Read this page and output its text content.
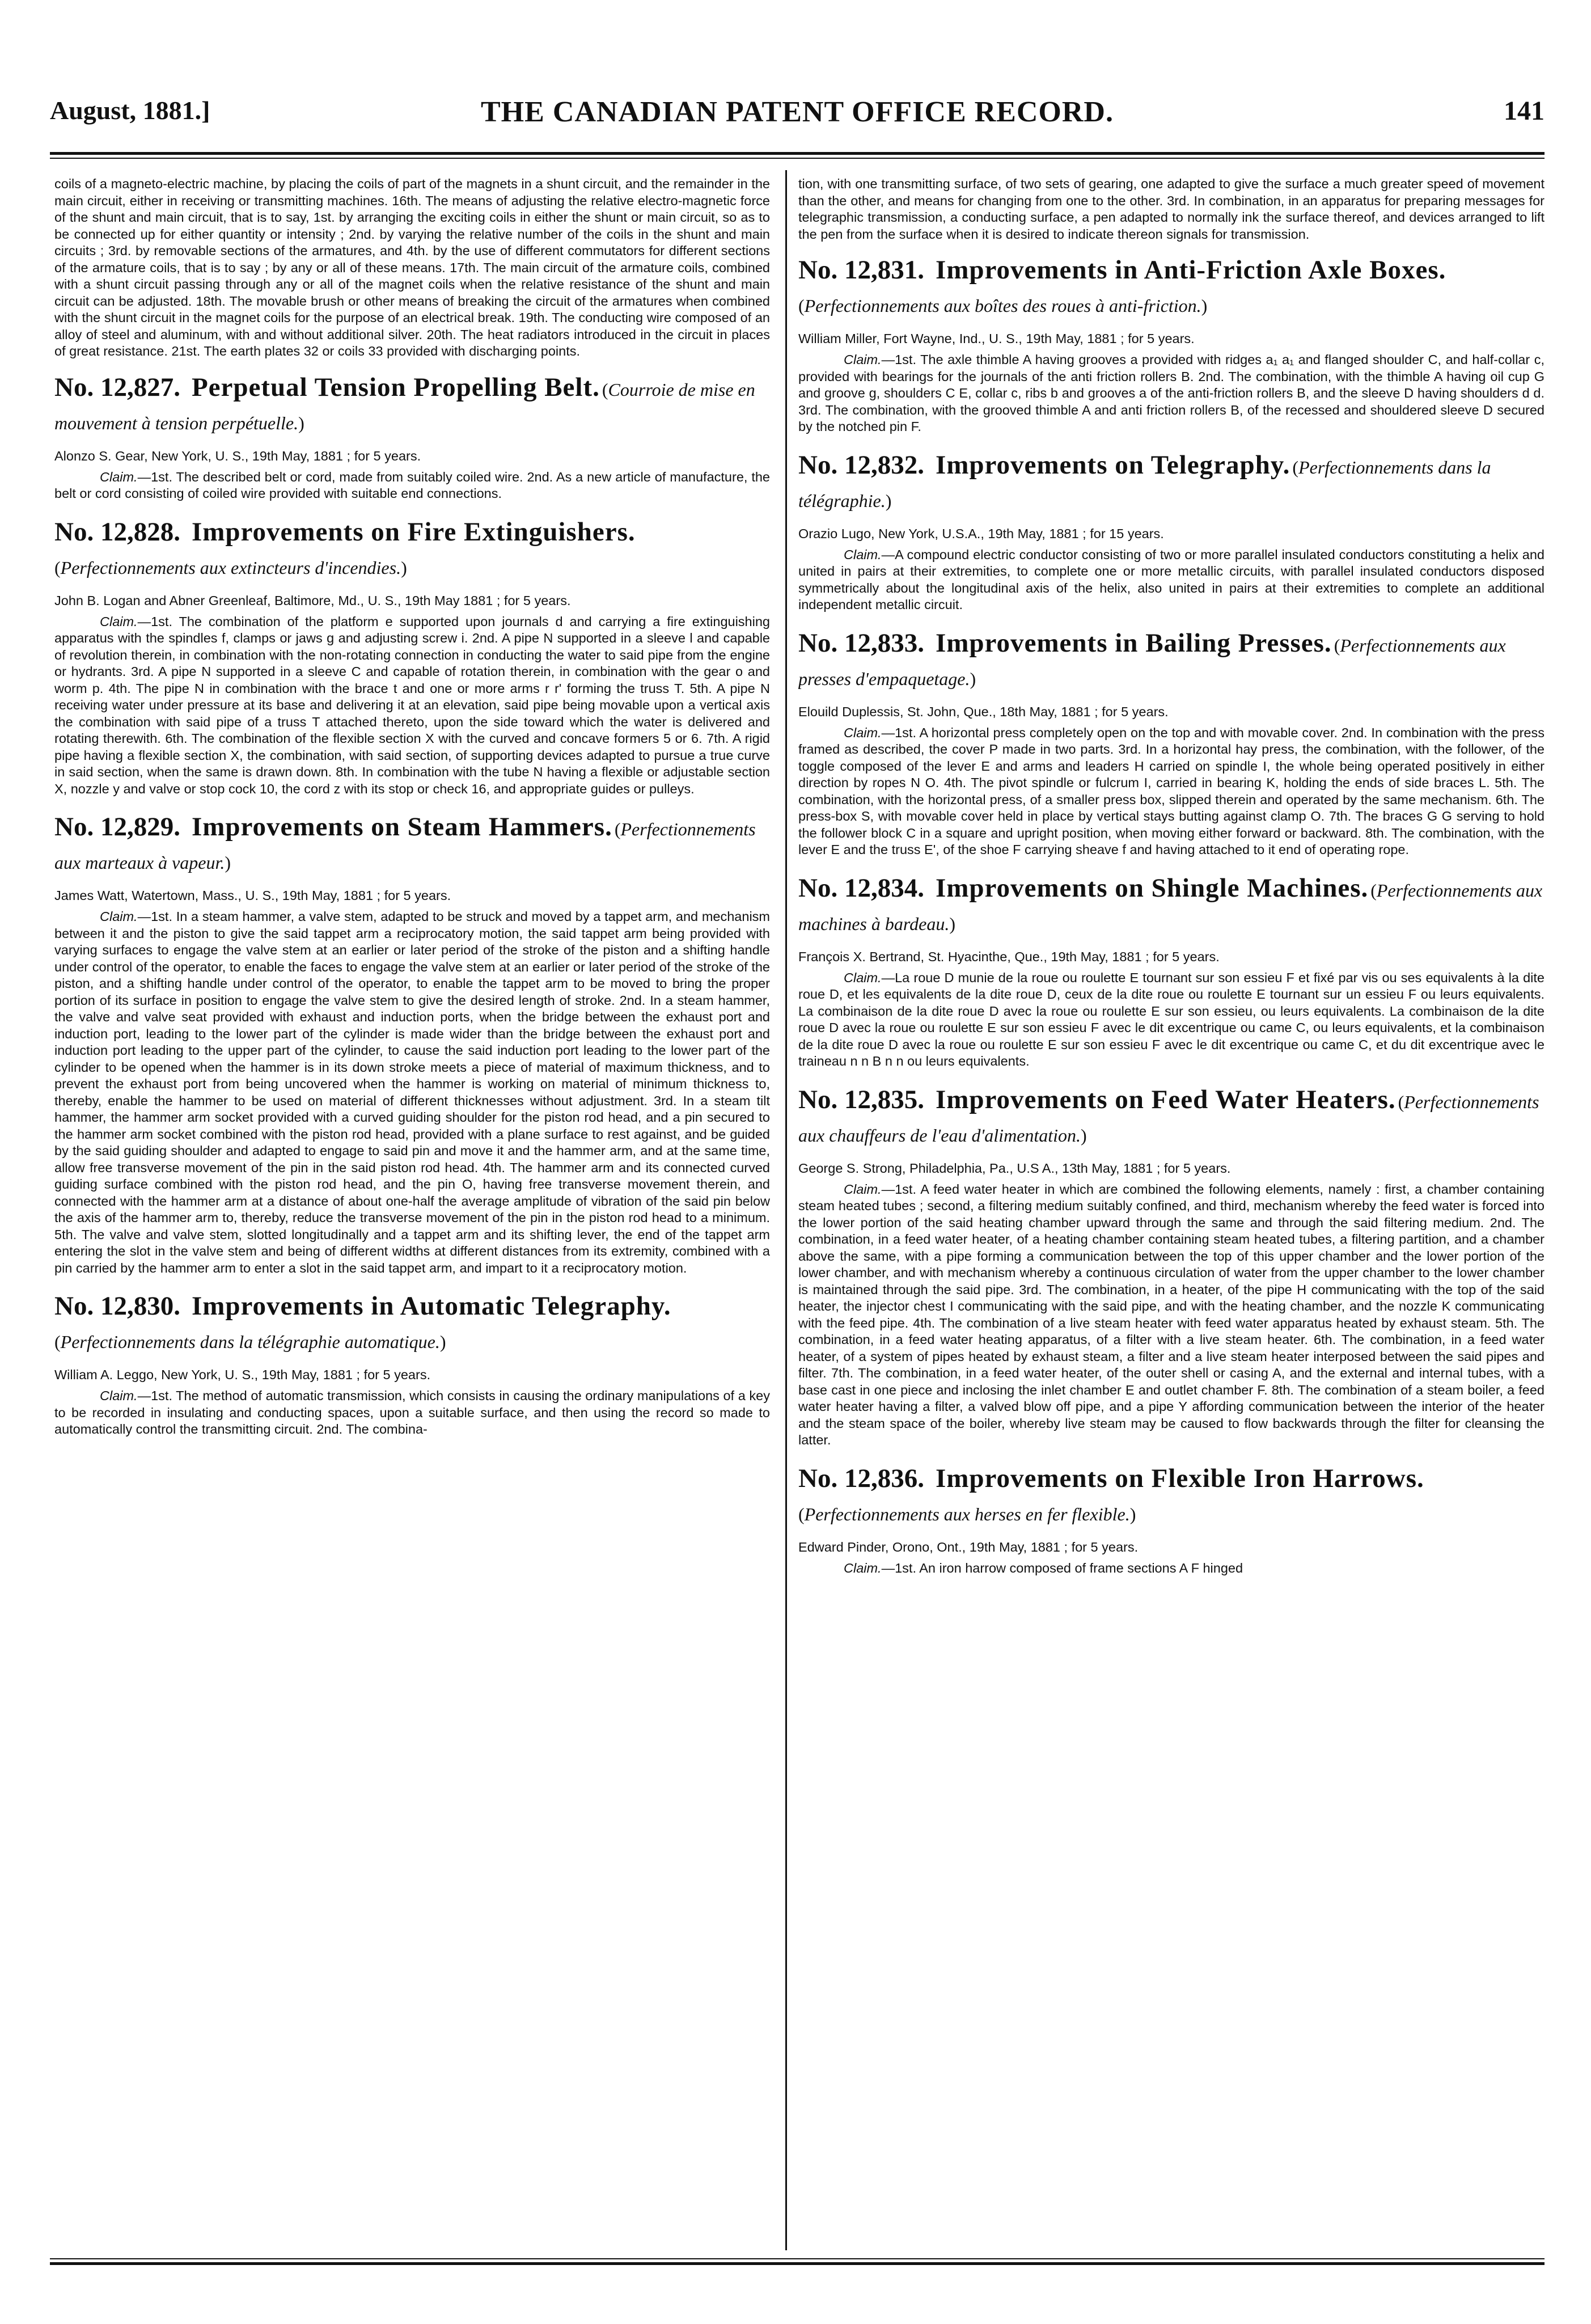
August, 1881.]	THE CANADIAN PATENT OFFICE RECORD.	141

coils of a magneto-electric machine, by placing the coils of part of the magnets in a shunt circuit, and the remainder in the main circuit, either in receiving or transmitting machines. 16th. The means of adjusting the relative electro-magnetic force of the shunt and main circuit, that is to say, 1st. by arranging the exciting coils in either the shunt or main circuit, so as to be connected up for either quantity or intensity ; 2nd. by varying the relative number of the coils in the shunt and main circuits ; 3rd. by removable sections of the armatures, and 4th. by the use of different commutators for different sections of the armature coils, that is to say ; by any or all of these means. 17th. The main circuit of the armature coils, combined with a shunt circuit passing through any or all of the magnet coils when the relative resistance of the shunt and main circuit can be adjusted. 18th. The movable brush or other means of breaking the circuit of the armatures when combined with the shunt circuit in the magnet coils for the purpose of an electrical break. 19th. The conducting wire composed of an alloy of steel and aluminum, with and without additional silver. 20th. The heat radiators introduced in the circuit in places of great resistance. 21st. The earth plates 32 or coils 33 provided with discharging points.

No. 12,827. Perpetual Tension Propelling Belt. ( Courroie de mise en mouvement à tension perpétuelle. )
Alonzo S. Gear, New York, U. S., 19th May, 1881 ; for 5 years.

Claim.—1st. The described belt or cord, made from suitably coiled wire. 2nd. As a new article of manufacture, the belt or cord consisting of coiled wire provided with suitable end connections.

No. 12,828. Improvements on Fire Extinguishers. ( Perfectionnements aux extincteurs d'incendies. )
John B. Logan and Abner Greenleaf, Baltimore, Md., U. S., 19th May 1881 ; for 5 years.

Claim.—1st. The combination of the platform e supported upon journals d and carrying a fire extinguishing apparatus with the spindles f, clamps or jaws g and adjusting screw i. 2nd. A pipe N supported in a sleeve l and capable of revolution therein, in combination with the non-rotating connection in conducting the water to said pipe from the engine or hydrants. 3rd. A pipe N supported in a sleeve C and capable of rotation therein, in combination with the gear o and worm p. 4th. The pipe N in combination with the brace t and one or more arms r r' forming the truss T. 5th. A pipe N receiving water under pressure at its base and delivering it at an elevation, said pipe being movable upon a vertical axis the combination with said pipe of a truss T attached thereto, upon the side toward which the water is delivered and rotating therewith. 6th. The combination of the flexible section X with the curved and concave formers 5 or 6. 7th. A rigid pipe having a flexible section X, the combination, with said section, of supporting devices adapted to pursue a true curve in said section, when the same is drawn down. 8th. In combination with the tube N having a flexible or adjustable section X, nozzle y and valve or stop cock 10, the cord z with its stop or check 16, and appropriate guides or pulleys.

No. 12,829. Improvements on Steam Hammers. ( Perfectionnements aux marteaux à vapeur. )
James Watt, Watertown, Mass., U. S., 19th May, 1881 ; for 5 years.

Claim.—1st. In a steam hammer, a valve stem, adapted to be struck and moved by a tappet arm, and mechanism between it and the piston to give the said tappet arm a reciprocatory motion, the said tappet arm being provided with varying surfaces to engage the valve stem at an earlier or later period of the stroke of the piston and a shifting handle under control of the operator, to enable the faces to engage the valve stem at an earlier or later period of the stroke of the piston, and a shifting handle under control of the operator, to enable the tappet arm to be moved to bring the proper portion of its surface in position to engage the valve stem to give the desired length of stroke. 2nd. In a steam hammer, the valve and valve seat provided with exhaust and induction ports, when the bridge between the exhaust port and induction port, leading to the lower part of the cylinder is made wider than the bridge between the exhaust port and induction port leading to the upper part of the cylinder, to cause the said induction port leading to the lower part of the cylinder to be opened when the hammer is in its down stroke meets a piece of material of maximum thickness, and to prevent the exhaust port from being uncovered when the hammer is working on material of minimum thickness to, thereby, enable the hammer to be used on material of different thicknesses without adjustment. 3rd. In a steam tilt hammer, the hammer arm socket provided with a curved guiding shoulder for the piston rod head, and a pin secured to the hammer arm socket combined with the piston rod head, provided with a plane surface to rest against, and be guided by the said guiding shoulder and adapted to engage to said pin and move it and the hammer arm, and at the same time, allow free transverse movement of the pin in the said piston rod head. 4th. The hammer arm and its connected curved guiding surface combined with the piston rod head, and the pin O, having free transverse movement therein, and connected with the hammer arm at a distance of about one-half the average amplitude of vibration of the said pin below the axis of the hammer arm to, thereby, reduce the transverse movement of the pin in the piston rod head to a minimum. 5th. The valve and valve stem, slotted longitudinally and a tappet arm and its shifting lever, the end of the tappet arm entering the slot in the valve stem and being of different widths at different distances from its extremity, combined with a pin carried by the hammer arm to enter a slot in the said tappet arm, and impart to it a reciprocatory motion.

No. 12,830. Improvements in Automatic Telegraphy. ( Perfectionnements dans la télégraphie automatique. )
William A. Leggo, New York, U. S., 19th May, 1881 ; for 5 years.

Claim.—1st. The method of automatic transmission, which consists in causing the ordinary manipulations of a key to be recorded in insulating and conducting spaces, upon a suitable surface, and then using the record so made to automatically control the transmitting circuit. 2nd. The combina-

tion, with one transmitting surface, of two sets of gearing, one adapted to give the surface a much greater speed of movement than the other, and means for changing from one to the other. 3rd. In combination, in an apparatus for preparing messages for telegraphic transmission, a conducting surface, a pen adapted to normally ink the surface thereof, and devices arranged to lift the pen from the surface when it is desired to indicate thereon signals for transmission.

No. 12,831. Improvements in Anti-Friction Axle Boxes. ( Perfectionnements aux boîtes des roues à anti-friction. )
William Miller, Fort Wayne, Ind., U. S., 19th May, 1881 ; for 5 years.

Claim.—1st. The axle thimble A having grooves a provided with ridges a₁ a₁ and flanged shoulder C, and half-collar c, provided with bearings for the journals of the anti friction rollers B. 2nd. The combination, with the thimble A having oil cup G and groove g, shoulders C E, collar c, ribs b and grooves a of the anti-friction rollers B, and the sleeve D having shoulders d d. 3rd. The combination, with the grooved thimble A and anti friction rollers B, of the recessed and shouldered sleeve D secured by the notched pin F.

No. 12,832. Improvements on Telegraphy. ( Perfectionnements dans la télégraphie. )
Orazio Lugo, New York, U.S.A., 19th May, 1881 ; for 15 years.

Claim.—A compound electric conductor consisting of two or more parallel insulated conductors constituting a helix and united in pairs at their extremities, to complete one or more metallic circuits, with parallel insulated conductors disposed symmetrically about the longitudinal axis of the helix, also united in pairs at their extremities to complete an additional independent metallic circuit.

No. 12,833. Improvements in Bailing Presses. ( Perfectionnements aux presses d'empaquetage. )
Elouild Duplessis, St. John, Que., 18th May, 1881 ; for 5 years.

Claim.—1st. A horizontal press completely open on the top and with movable cover. 2nd. In combination with the press framed as described, the cover P made in two parts. 3rd. In a horizontal hay press, the combination, with the follower, of the toggle composed of the lever E and arms and leaders H carried on spindle I, the whole being operated positively in either direction by ropes N O. 4th. The pivot spindle or fulcrum I, carried in bearing K, holding the ends of side braces L. 5th. The combination, with the horizontal press, of a smaller press box, slipped therein and operated by the same mechanism. 6th. The press-box S, with movable cover held in place by vertical stays butting against clamp O. 7th. The braces G G serving to hold the follower block C in a square and upright position, when moving either forward or backward. 8th. The combination, with the lever E and the truss E', of the shoe F carrying sheave f and having attached to it end of operating rope.

No. 12,834. Improvements on Shingle Machines. ( Perfectionnements aux machines à bardeau. )
François X. Bertrand, St. Hyacinthe, Que., 19th May, 1881 ; for 5 years.

Claim.—La roue D munie de la roue ou roulette E tournant sur son essieu F et fixé par vis ou ses equivalents à la dite roue D, et les equivalents de la dite roue D, ceux de la dite roue ou roulette E tournant sur un essieu F ou leurs equivalents. La combinaison de la dite roue D avec la roue ou roulette E sur son essieu, ou leurs equivalents. La combinaison de la dite roue D avec la roue ou roulette E sur son essieu F avec le dit excentrique ou came C, ou leurs equivalents, et la combinaison de la dite roue D avec la roue ou roulette E sur son essieu F avec le dit excentrique ou came C, et du dit excentrique avec le traineau n n B n n ou leurs equivalents.

No. 12,835. Improvements on Feed Water Heaters. ( Perfectionnements aux chauffeurs de l'eau d'alimentation. )
George S. Strong, Philadelphia, Pa., U.S A., 13th May, 1881 ; for 5 years.

Claim.—1st. A feed water heater in which are combined the following elements, namely : first, a chamber containing steam heated tubes ; second, a filtering medium suitably confined, and third, mechanism whereby the feed water is forced into the lower portion of the said heating chamber upward through the same and through the said filtering medium. 2nd. The combination, in a feed water heater, of a heating chamber containing steam heated tubes, a filtering partition, and a chamber above the same, with a pipe forming a communication between the top of this upper chamber and the lower portion of the lower chamber, and with mechanism whereby a continuous circulation of water from the upper chamber to the lower chamber is maintained through the said pipe. 3rd. The combination, in a heater, of the pipe H communicating with the top of the said heater, the injector chest I communicating with the said pipe, and with the heating chamber, and the nozzle K communicating with the feed pipe. 4th. The combination of a live steam heater with feed water apparatus heated by exhaust steam. 5th. The combination, in a feed water heating apparatus, of a filter with a live steam heater. 6th. The combination, in a feed water heater, of a system of pipes heated by exhaust steam, a filter and a live steam heater interposed between the said pipes and filter. 7th. The combination, in a feed water heater, of the outer shell or casing A, and the external and internal tubes, with a base cast in one piece and inclosing the inlet chamber E and outlet chamber F. 8th. The combination of a steam boiler, a feed water heater having a filter, a valved blow off pipe, and a pipe Y affording communication between the interior of the heater and the steam space of the boiler, whereby live steam may be caused to flow backwards through the filter for cleansing the latter.

No. 12,836. Improvements on Flexible Iron Harrows. ( Perfectionnements aux herses en fer flexible. )
Edward Pinder, Orono, Ont., 19th May, 1881 ; for 5 years.

Claim.—1st. An iron harrow composed of frame sections A F hinged
